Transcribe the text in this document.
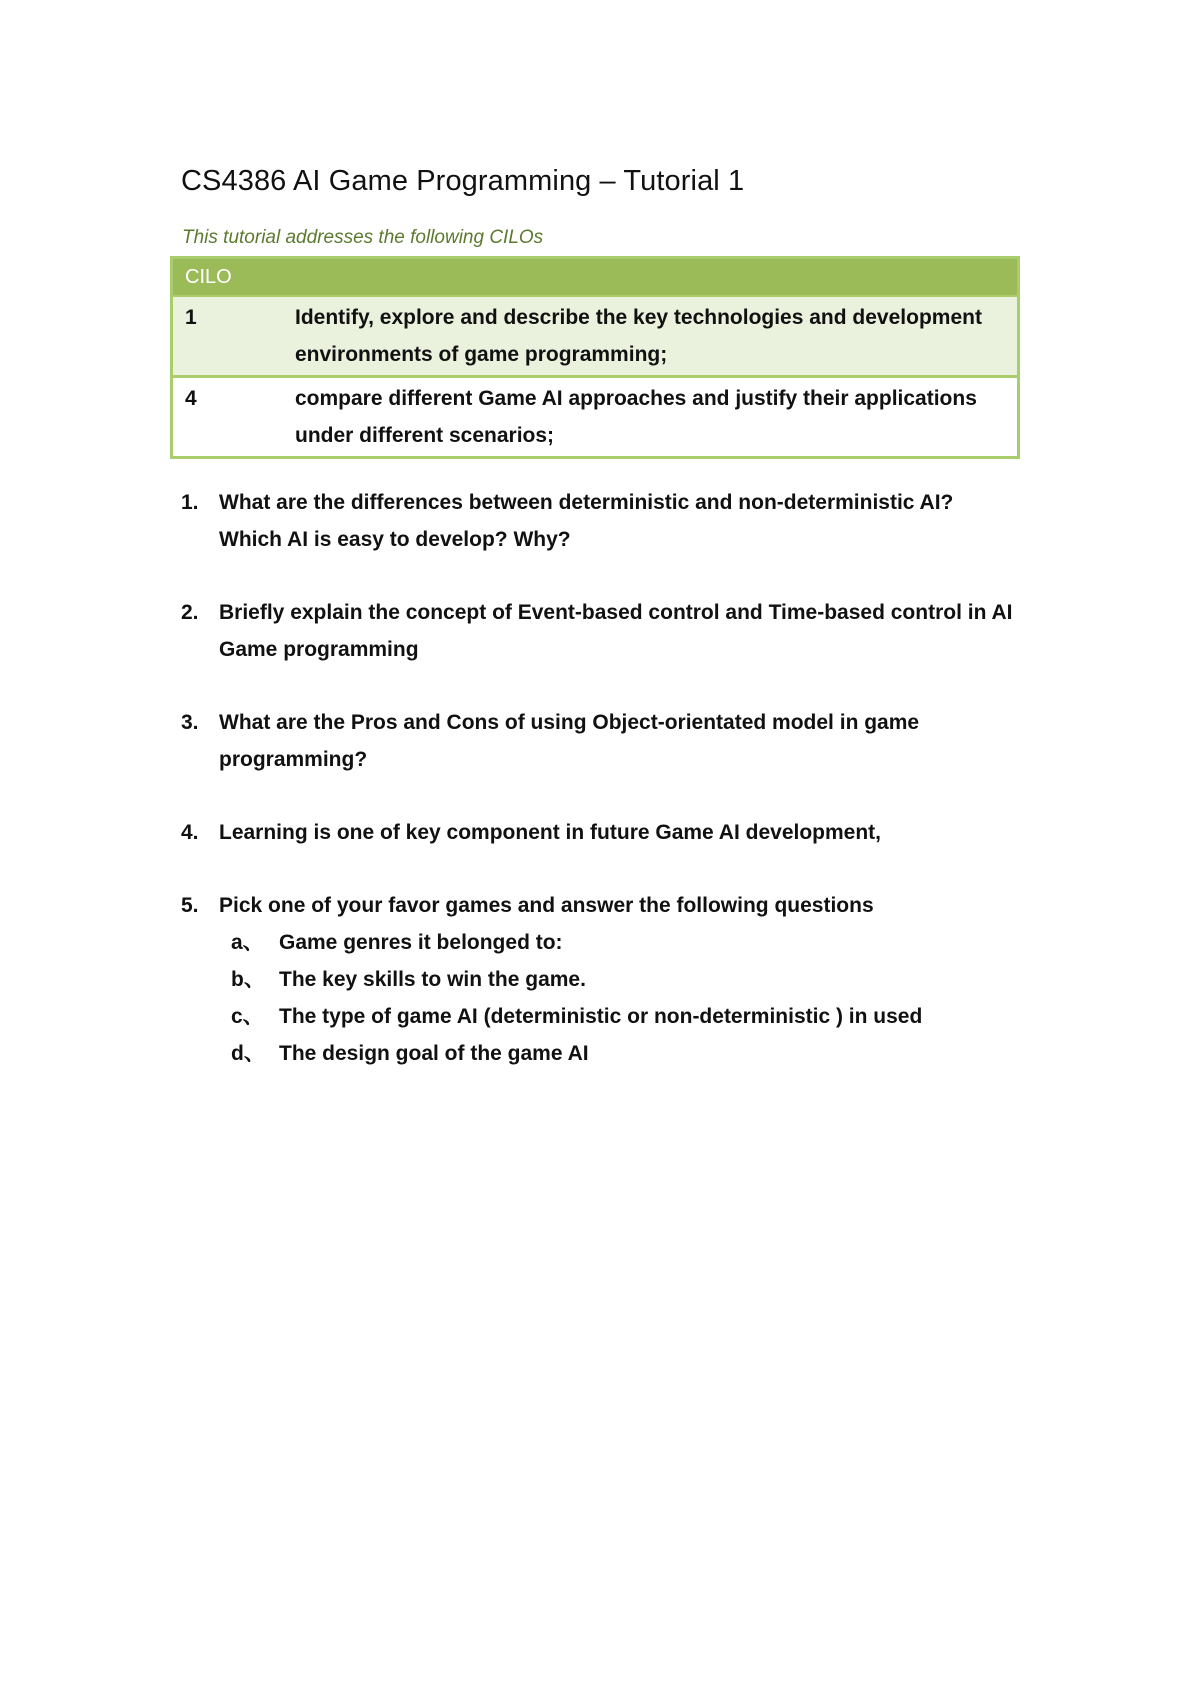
CS4386 AI Game Programming – Tutorial 1
This tutorial addresses the following CILOs
CILO	
1	Identify, explore and describe the key technologies and development environments of game programming;
4	compare different Game AI approaches and justify their applications under different scenarios;
1. What are the differences between deterministic and non-deterministic AI? Which AI is easy to develop? Why?
2. Briefly explain the concept of Event-based control and Time-based control in AI Game programming
3. What are the Pros and Cons of using Object-orientated model in game programming?
4. Learning is one of key component in future Game AI development,
5. Pick one of your favor games and answer the following questions
a、 Game genres it belonged to:
b、 The key skills to win the game.
c、 The type of game AI (deterministic or non-deterministic ) in used
d、 The design goal of the game AI
